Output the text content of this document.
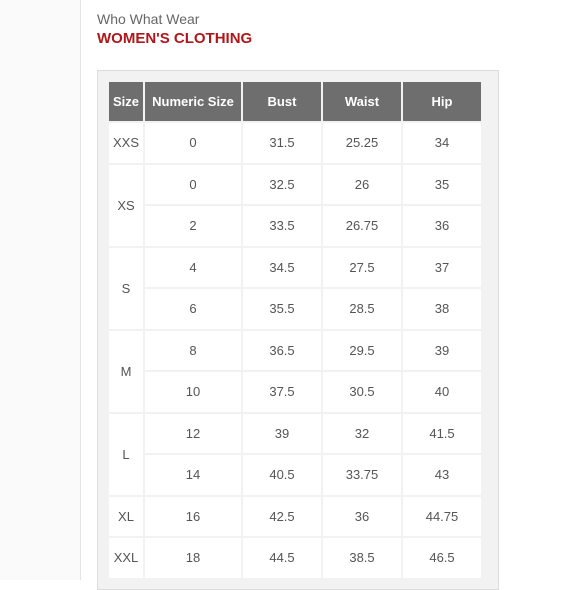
Who What Wear
WOMEN'S CLOTHING
Size	Numeric Size	Bust	Waist	Hip
XXS	0	31.5	25.25	34
XS	0	32.5	26	35
	2	33.5	26.75	36
S	4	34.5	27.5	37
	6	35.5	28.5	38
M	8	36.5	29.5	39
	10	37.5	30.5	40
L	12	39	32	41.5
	14	40.5	33.75	43
XL	16	42.5	36	44.75
XXL	18	44.5	38.5	46.5
